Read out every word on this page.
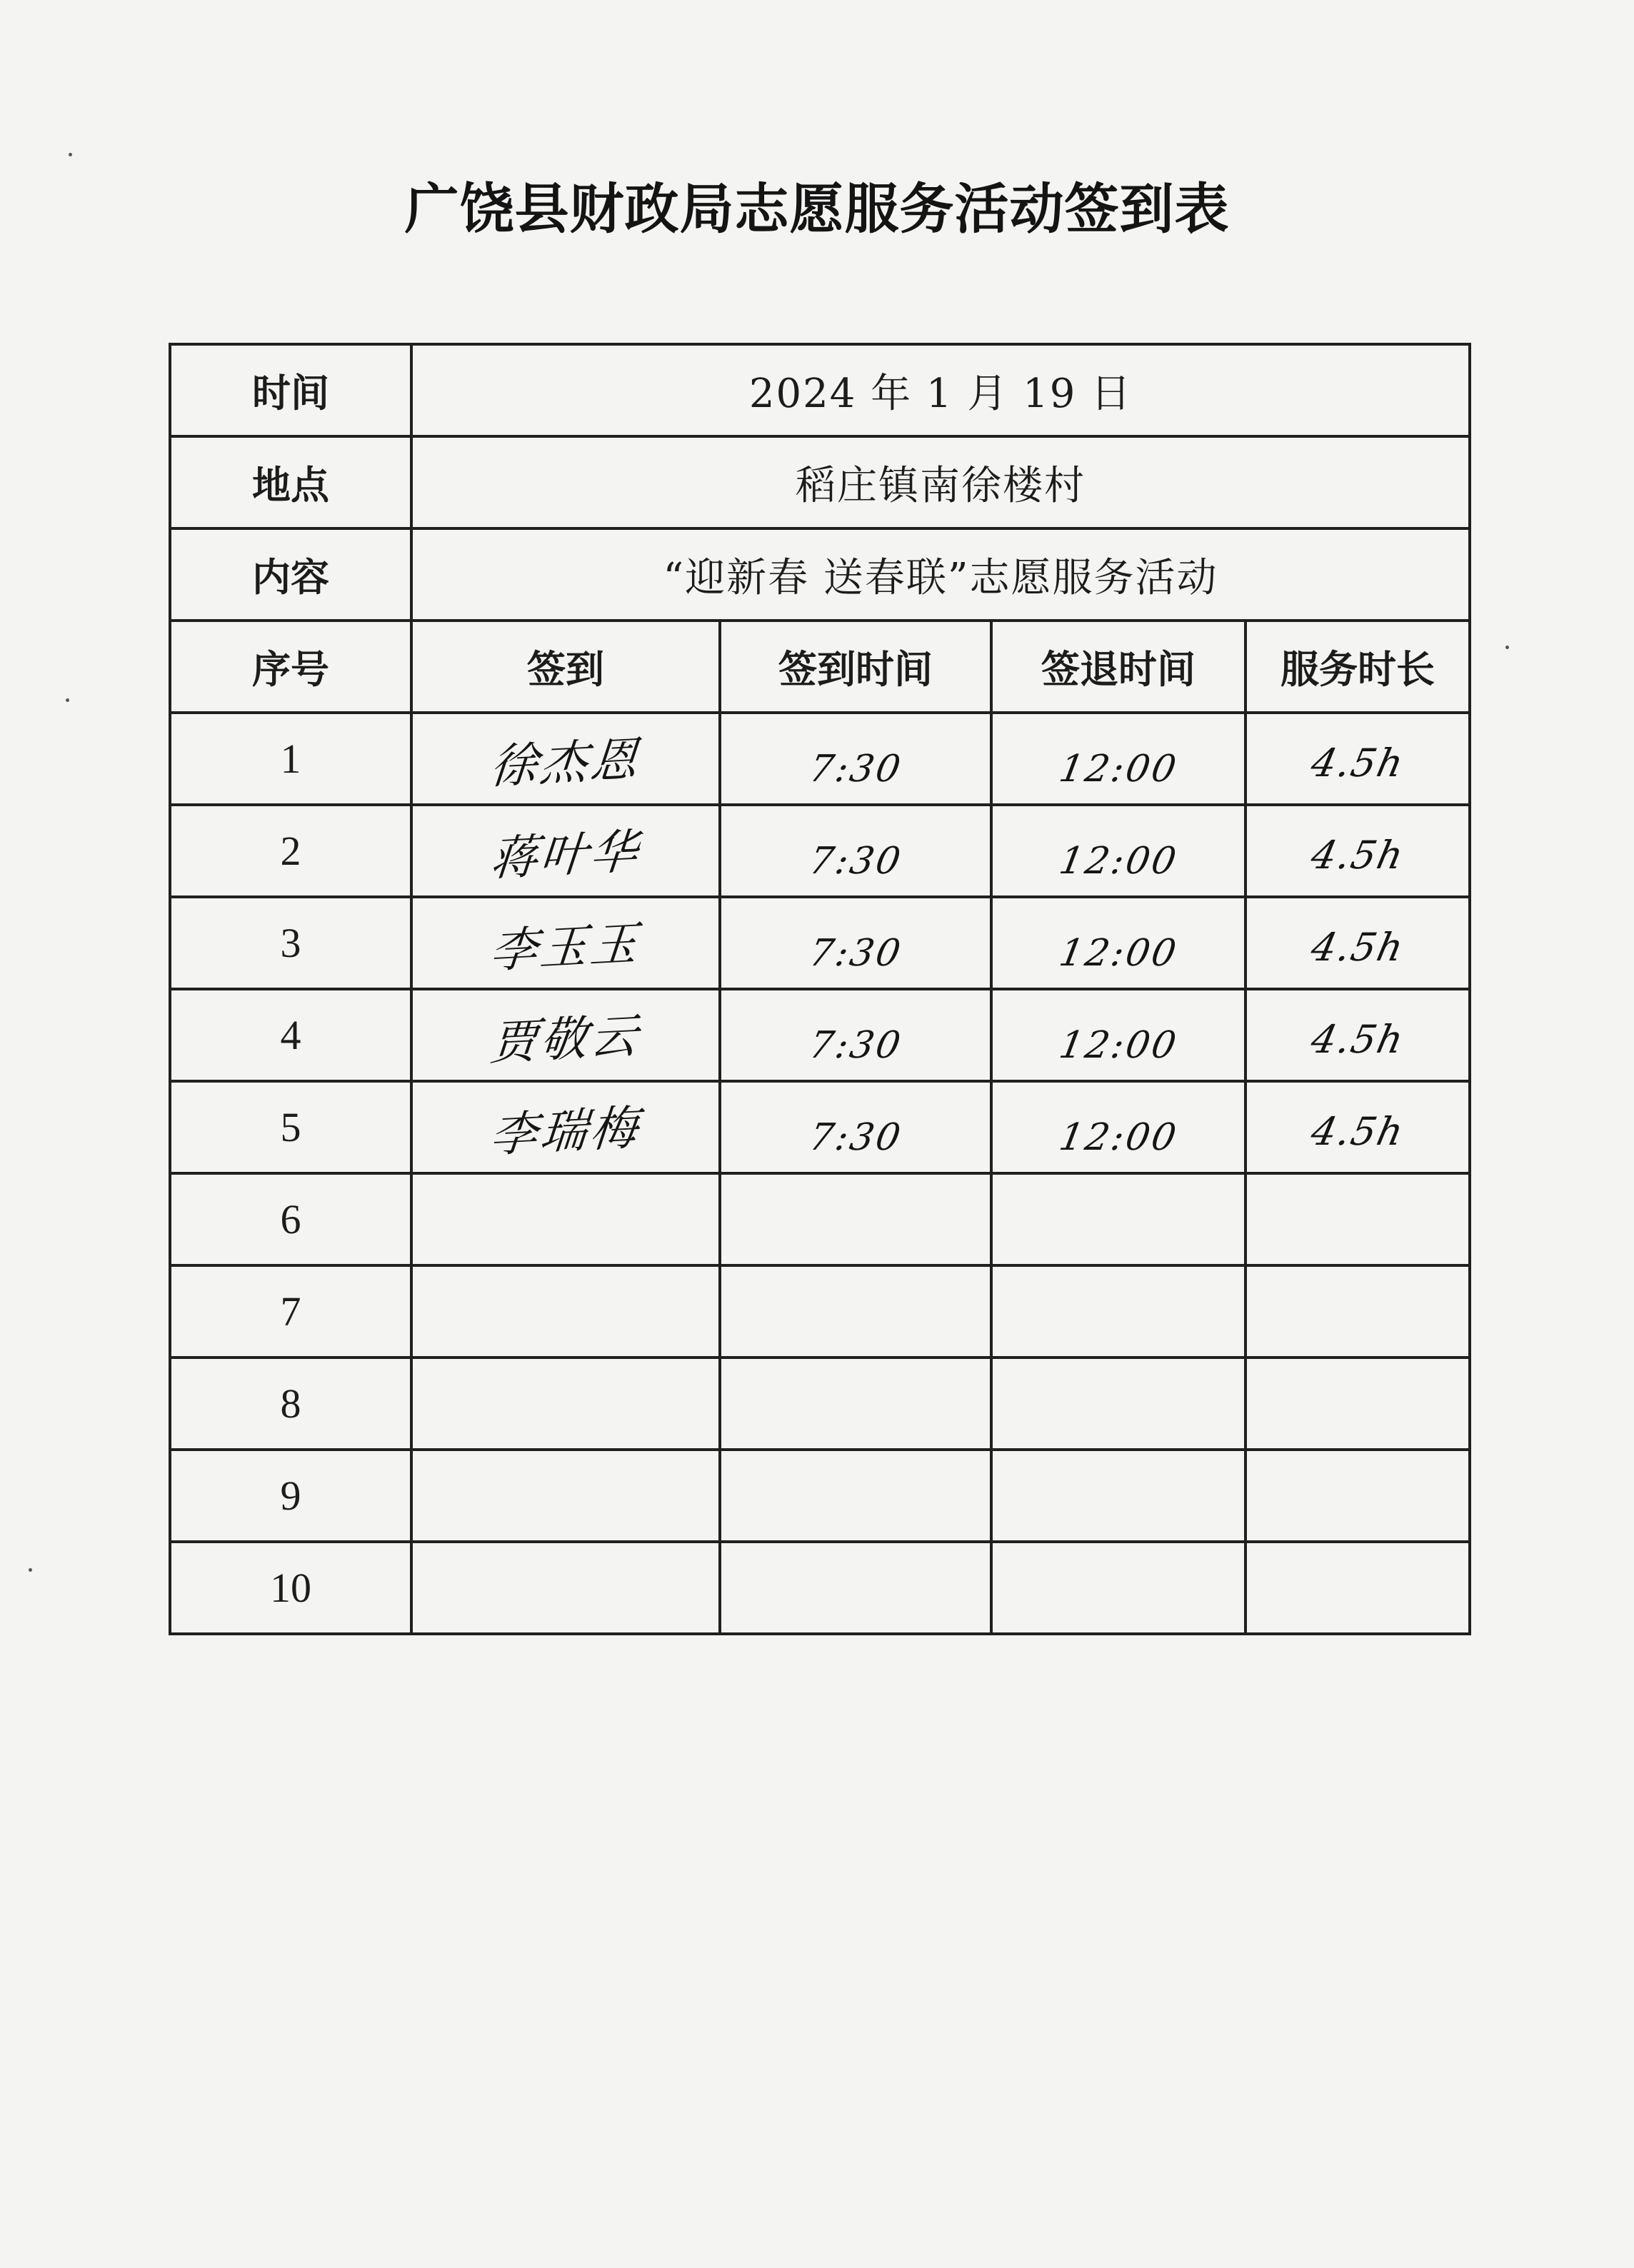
广饶县财政局志愿服务活动签到表
时间	2024 年 1 月 19 日			
地点	稻庄镇南徐楼村			
内容	“迎新春 送春联”志愿服务活动			
序号	签到	签到时间	签退时间	服务时长
1	徐杰恩	7:30	12:00	4.5h
2	蒋叶华	7:30	12:00	4.5h
3	李玉玉	7:30	12:00	4.5h
4	贾敬云	7:30	12:00	4.5h
5	李瑞梅	7:30	12:00	4.5h
6				
7				
8				
9				
10				
